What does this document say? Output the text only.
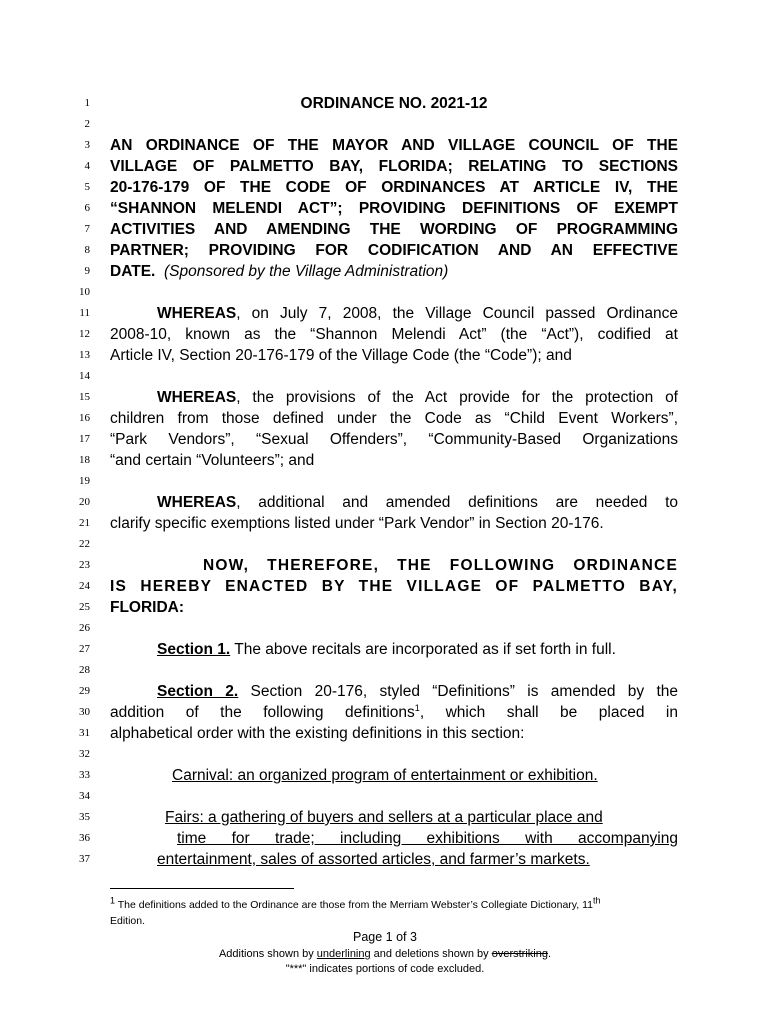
1
2
3
4
5
6
7
8
9
10
11
12
13
14
15
16
17
18
19
20
21
22
23
24
25
26
27
28
29
30
31
32
33
34
35
36
37
ORDINANCE NO. 2021-12
AN ORDINANCE OF THE MAYOR AND VILLAGE COUNCIL OF THE
VILLAGE OF PALMETTO BAY, FLORIDA; RELATING TO SECTIONS
20-176-179 OF THE CODE OF ORDINANCES AT ARTICLE IV, THE
“SHANNON MELENDI ACT”; PROVIDING DEFINITIONS OF EXEMPT
ACTIVITIES AND AMENDING THE WORDING OF PROGRAMMING
PARTNER; PROVIDING FOR CODIFICATION AND AN EFFECTIVE
DATE. (Sponsored by the Village Administration)
WHEREAS, on July 7, 2008, the Village Council passed Ordinance
2008-10, known as the “Shannon Melendi Act” (the “Act”), codified at
Article IV, Section 20-176-179 of the Village Code (the “Code”); and
WHEREAS, the provisions of the Act provide for the protection of
children from those defined under the Code as “Child Event Workers”,
“Park Vendors”, “Sexual Offenders”, “Community-Based Organizations
“and certain “Volunteers”; and
WHEREAS, additional and amended definitions are needed to
clarify specific exemptions listed under “Park Vendor” in Section 20-176.
NOW, THEREFORE, THE FOLLOWING ORDINANCE
IS HEREBY ENACTED BY THE VILLAGE OF PALMETTO BAY,
FLORIDA:
Section 1. The above recitals are incorporated as if set forth in full.
Section 2. Section 20-176, styled “Definitions” is amended by the
addition of the following definitions$^1$, which shall be placed in
alphabetical order with the existing definitions in this section:
Carnival: an organized program of entertainment or exhibition.
Fairs: a gathering of buyers and sellers at a particular place and
time for trade; including exhibitions with accompanying
entertainment, sales of assorted articles, and farmer’s markets.
$^1$ The definitions added to the Ordinance are those from the Merriam Webster’s Collegiate Dictionary, 11th
Edition.
Page 1 of 3
Additions shown by underlining and deletions shown by overstriking.
"***" indicates portions of code excluded.
